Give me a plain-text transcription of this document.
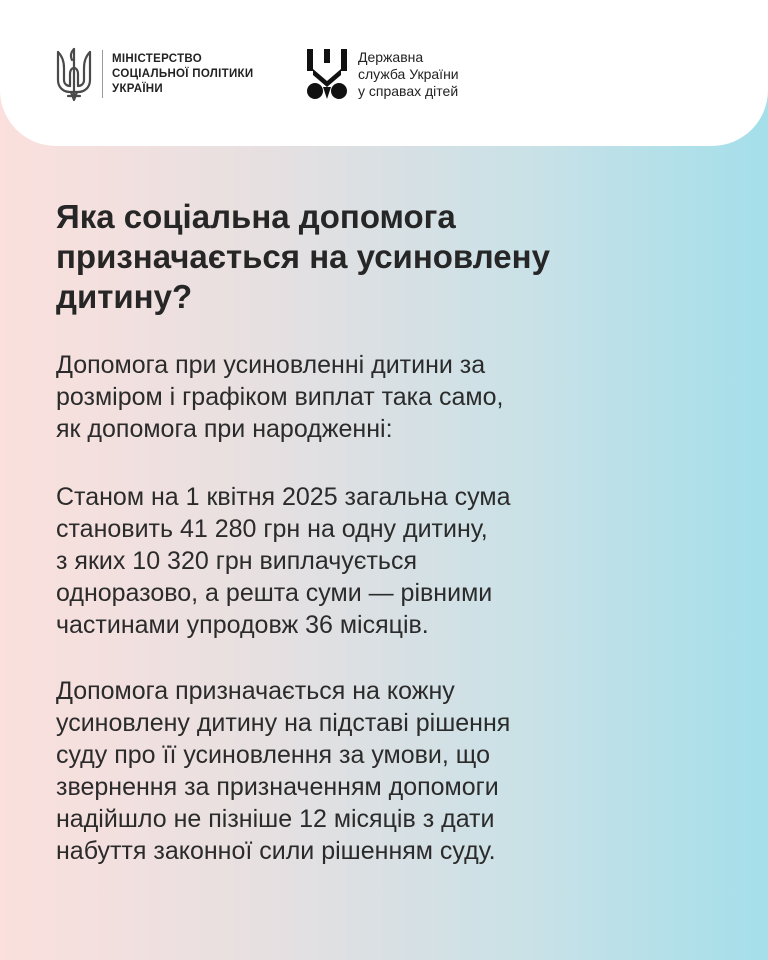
МІНІСТЕРСТВО
СОЦІАЛЬНОЇ ПОЛІТИКИ
УКРАЇНИ
Державна
служба України
у справах дітей
Яка соціальна допомога
призначається на усиновлену
дитину?
Допомога при усиновленні дитини за
розміром і графіком виплат така само,
як допомога при народженні:
Станом на 1 квітня 2025 загальна сума
становить 41 280 грн на одну дитину,
з яких 10 320 грн виплачується
одноразово, а решта суми — рівними
частинами упродовж 36 місяців.
Допомога призначається на кожну
усиновлену дитину на підставі рішення
суду про її усиновлення за умови, що
звернення за призначенням допомоги
надійшло не пізніше 12 місяців з дати
набуття законної сили рішенням суду.
